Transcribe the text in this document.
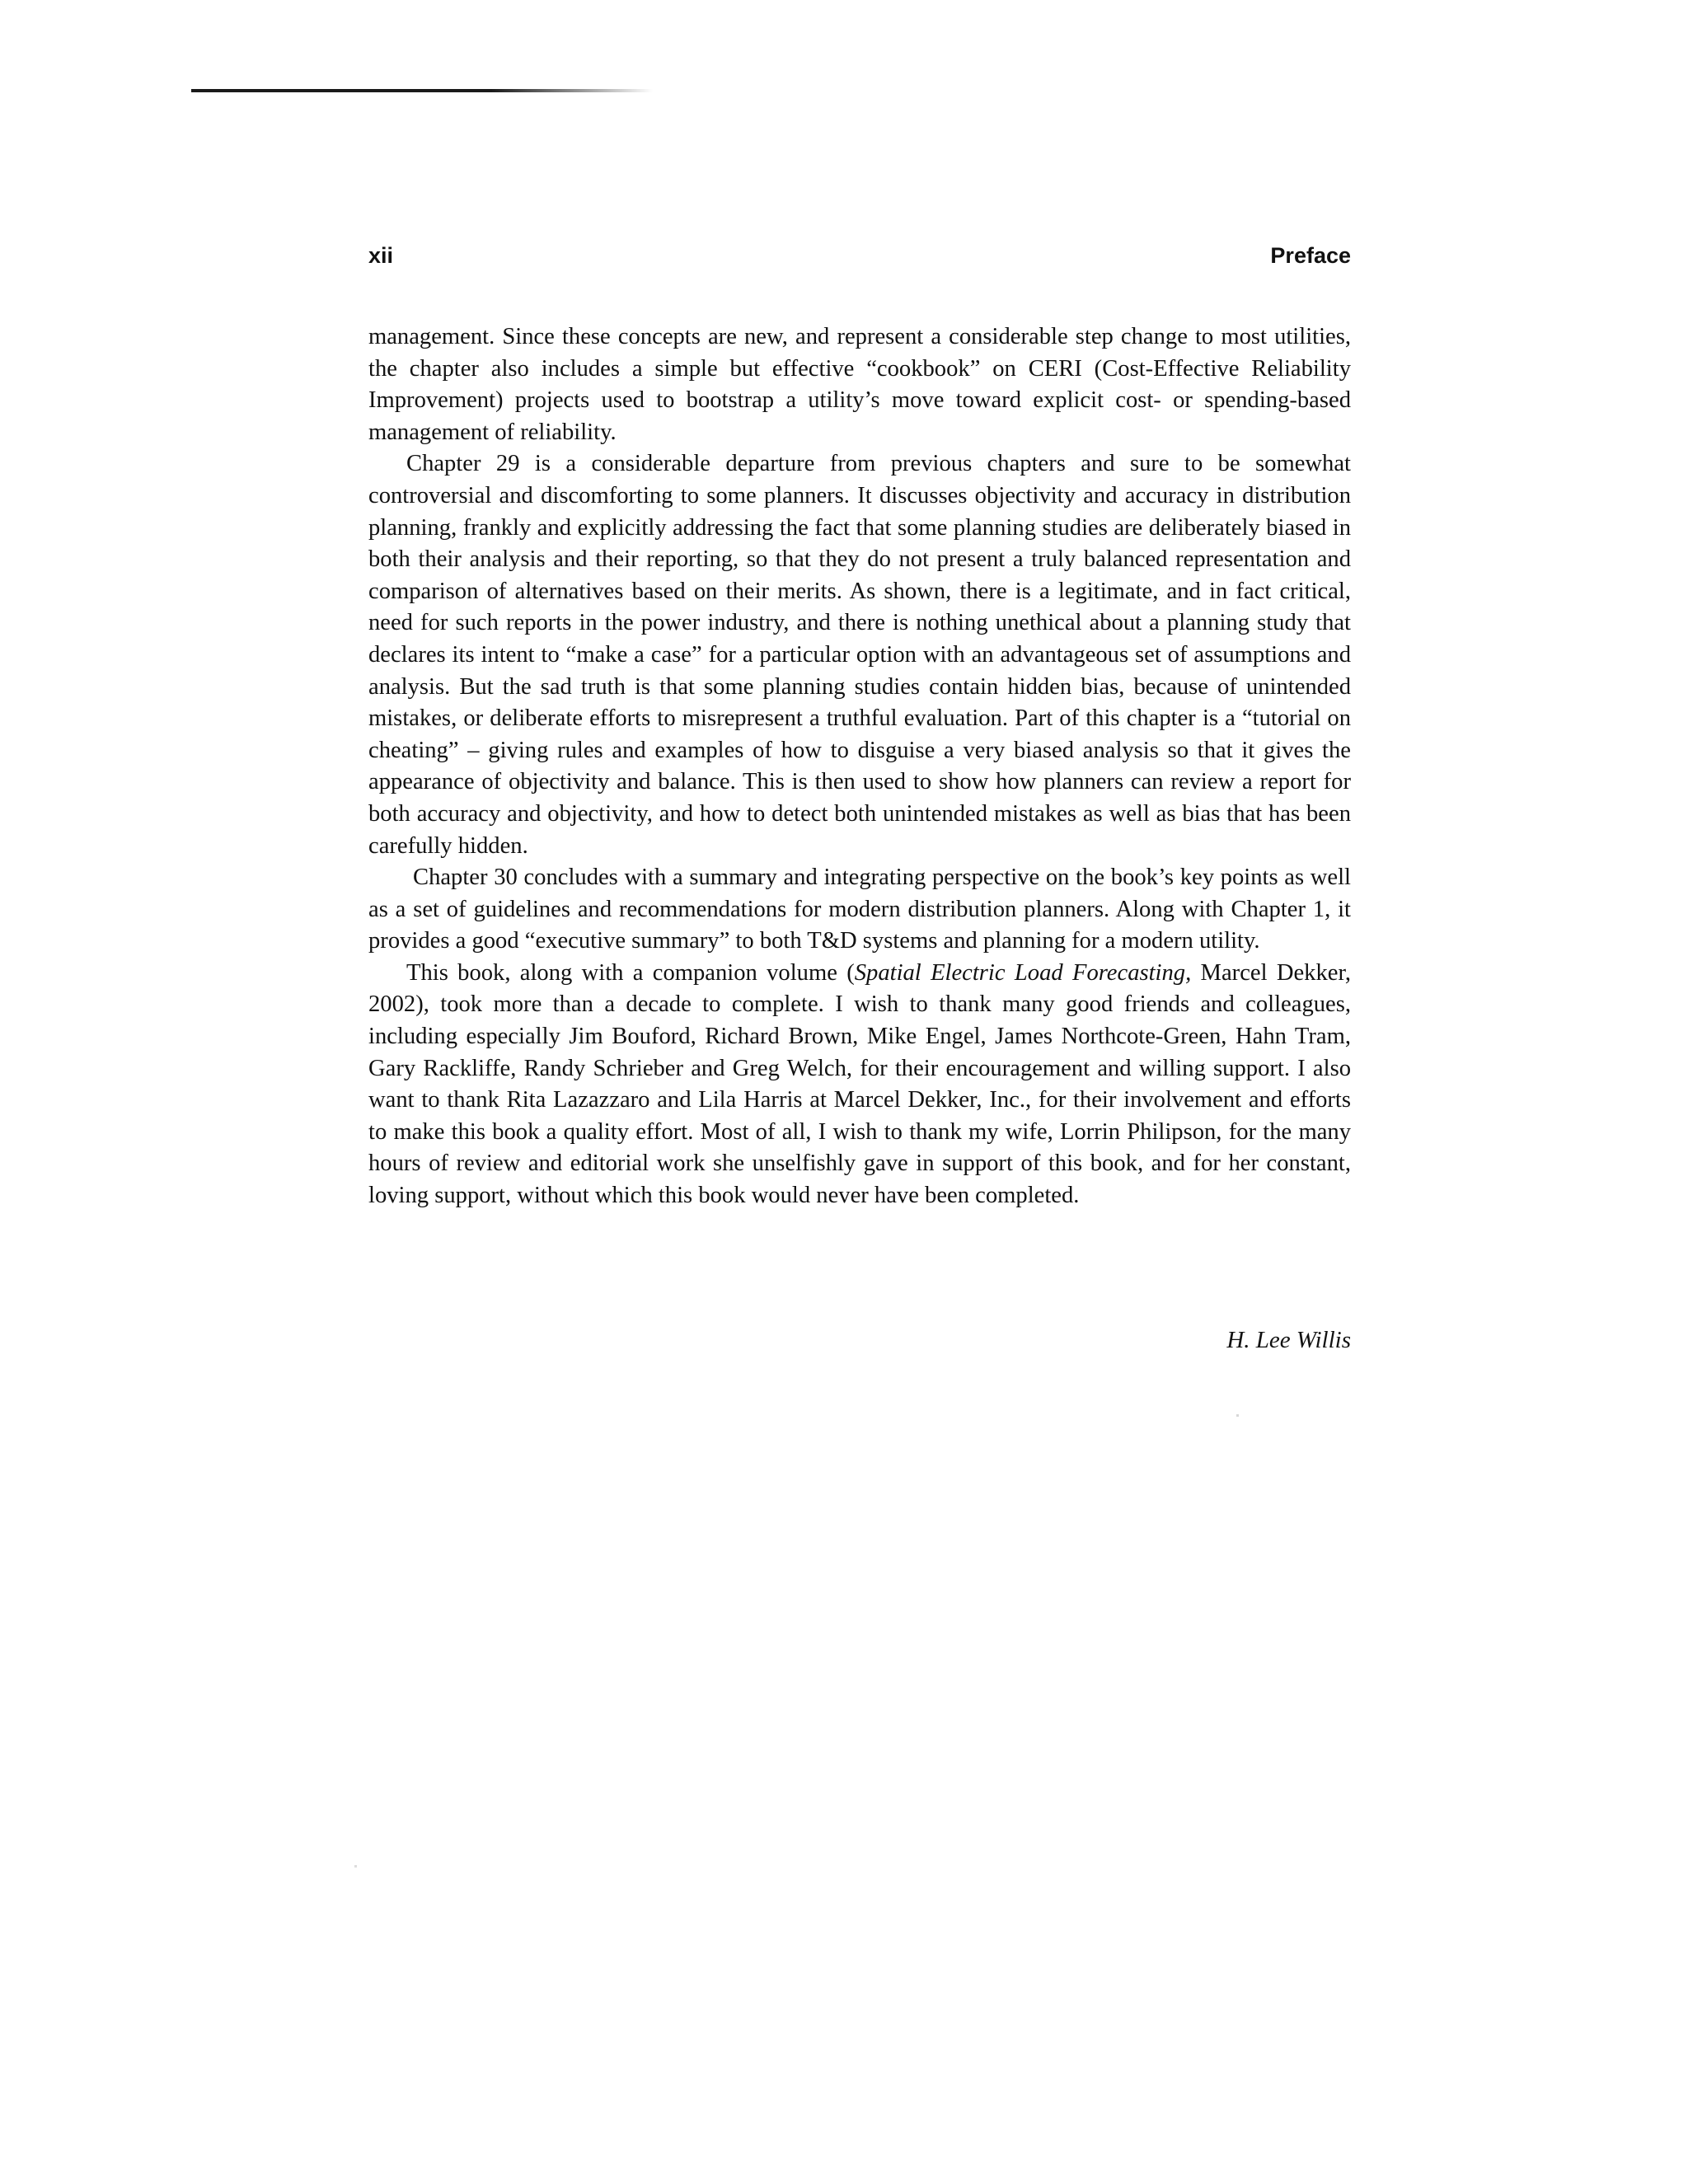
xii	Preface

management. Since these concepts are new, and represent a considerable step change to most utilities, the chapter also includes a simple but effective “cookbook” on CERI (Cost-Effective Reliability Improvement) projects used to bootstrap a utility’s move toward explicit cost- or spending-based management of reliability.

Chapter 29 is a considerable departure from previous chapters and sure to be somewhat controversial and discomforting to some planners. It discusses objectivity and accuracy in distribution planning, frankly and explicitly addressing the fact that some planning studies are deliberately biased in both their analysis and their reporting, so that they do not present a truly balanced representation and comparison of alternatives based on their merits. As shown, there is a legitimate, and in fact critical, need for such reports in the power industry, and there is nothing unethical about a planning study that declares its intent to “make a case” for a particular option with an advantageous set of assumptions and analysis. But the sad truth is that some planning studies contain hidden bias, because of unintended mistakes, or deliberate efforts to misrepresent a truthful evaluation. Part of this chapter is a “tutorial on cheating” – giving rules and examples of how to disguise a very biased analysis so that it gives the appearance of objectivity and balance. This is then used to show how planners can review a report for both accuracy and objectivity, and how to detect both unintended mistakes as well as bias that has been carefully hidden.

Chapter 30 concludes with a summary and integrating perspective on the book’s key points as well as a set of guidelines and recommendations for modern distribution planners. Along with Chapter 1, it provides a good “executive summary” to both T&D systems and planning for a modern utility.

This book, along with a companion volume (Spatial Electric Load Forecasting, Marcel Dekker, 2002), took more than a decade to complete. I wish to thank many good friends and colleagues, including especially Jim Bouford, Richard Brown, Mike Engel, James Northcote-Green, Hahn Tram, Gary Rackliffe, Randy Schrieber and Greg Welch, for their encouragement and willing support. I also want to thank Rita Lazazzaro and Lila Harris at Marcel Dekker, Inc., for their involvement and efforts to make this book a quality effort. Most of all, I wish to thank my wife, Lorrin Philipson, for the many hours of review and editorial work she unselfishly gave in support of this book, and for her constant, loving support, without which this book would never have been completed.

H. Lee Willis
